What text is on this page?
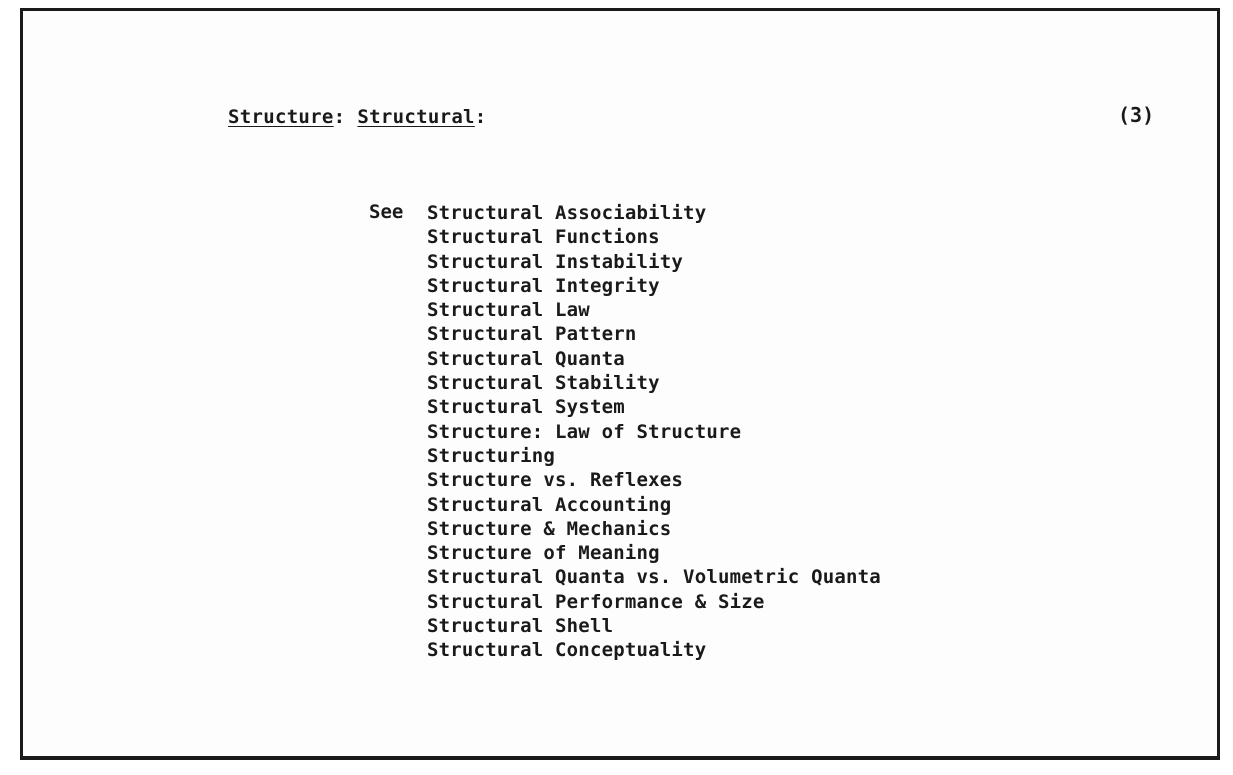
Structure: Structural:	(3)
See Structural Associability
Structural Functions
Structural Instability
Structural Integrity
Structural Law
Structural Pattern
Structural Quanta
Structural Stability
Structural System
Structure: Law of Structure
Structuring
Structure vs. Reflexes
Structural Accounting
Structure & Mechanics
Structure of Meaning
Structural Quanta vs. Volumetric Quanta
Structural Performance & Size
Structural Shell
Structural Conceptuality
